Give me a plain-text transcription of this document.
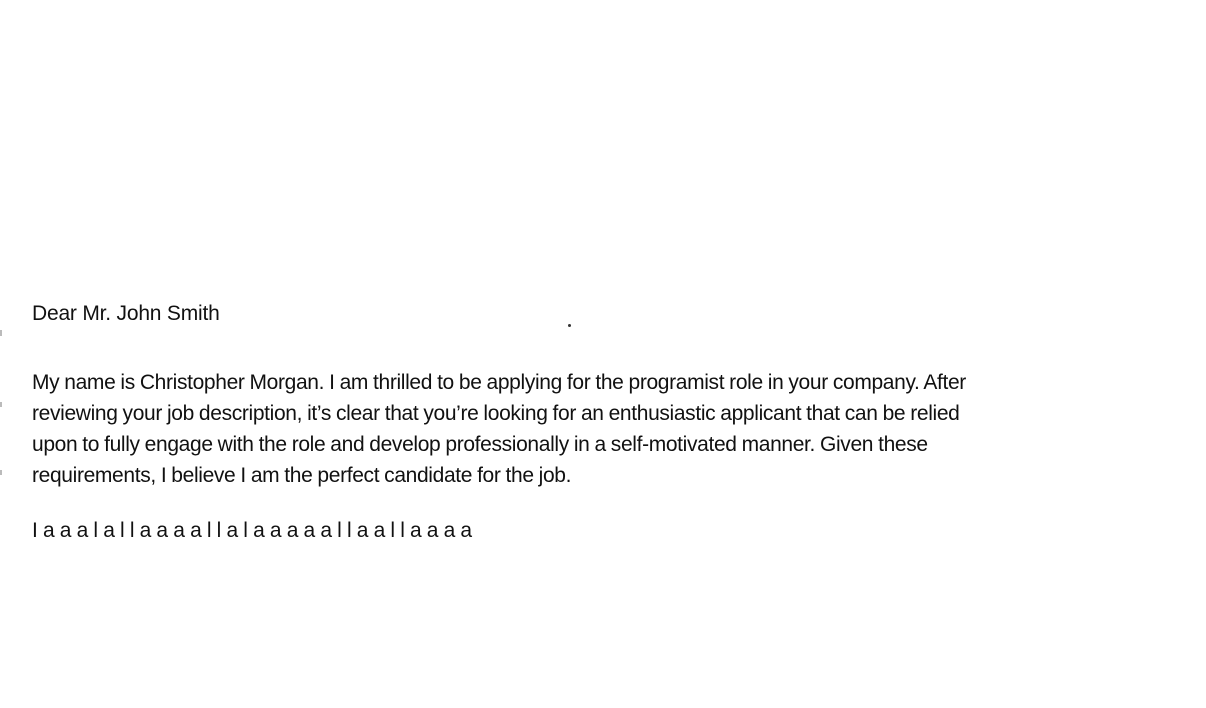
Dear Mr. John Smith

My name is Christopher Morgan. I am thrilled to be applying for the programist role in your company. After
reviewing your job description, it’s clear that you’re looking for an enthusiastic applicant that can be relied
upon to fully engage with the role and develop professionally in a self-motivated manner. Given these
requirements, I believe I am the perfect candidate for the job.

I a a a l a l l a a a a l l a l a a a a a l l a a l l a a a a
